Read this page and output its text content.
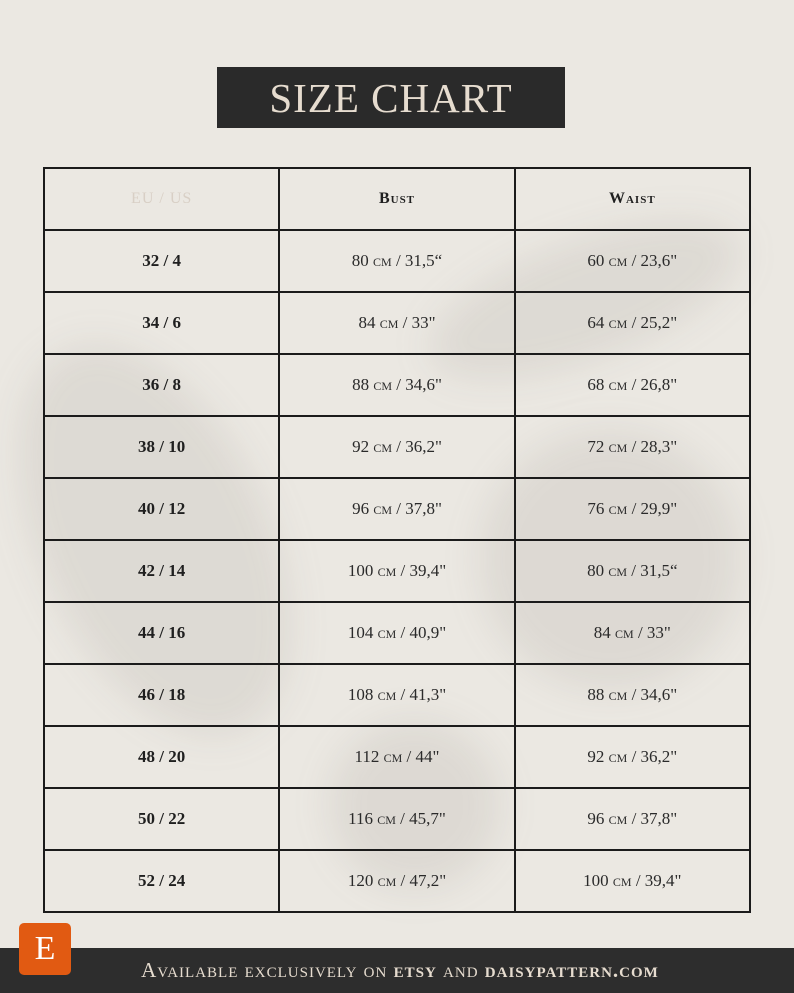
SIZE CHART
EU / US	Bust	Waist
32 / 4	80 cm / 31,5“	60 cm / 23,6"
34 / 6	84 cm / 33"	64 cm / 25,2"
36 / 8	88 cm / 34,6"	68 cm / 26,8"
38 / 10	92 cm / 36,2"	72 cm / 28,3"
40 / 12	96 cm / 37,8"	76 cm / 29,9"
42 / 14	100 cm / 39,4"	80 cm / 31,5“
44 / 16	104 cm / 40,9"	84 cm / 33"
46 / 18	108 cm / 41,3"	88 cm / 34,6"
48 / 20	112 cm / 44"	92 cm / 36,2"
50 / 22	116 cm / 45,7"	96 cm / 37,8"
52 / 24	120 cm / 47,2"	100 cm / 39,4"
E
Available exclusively on etsy and daisypattern.com
